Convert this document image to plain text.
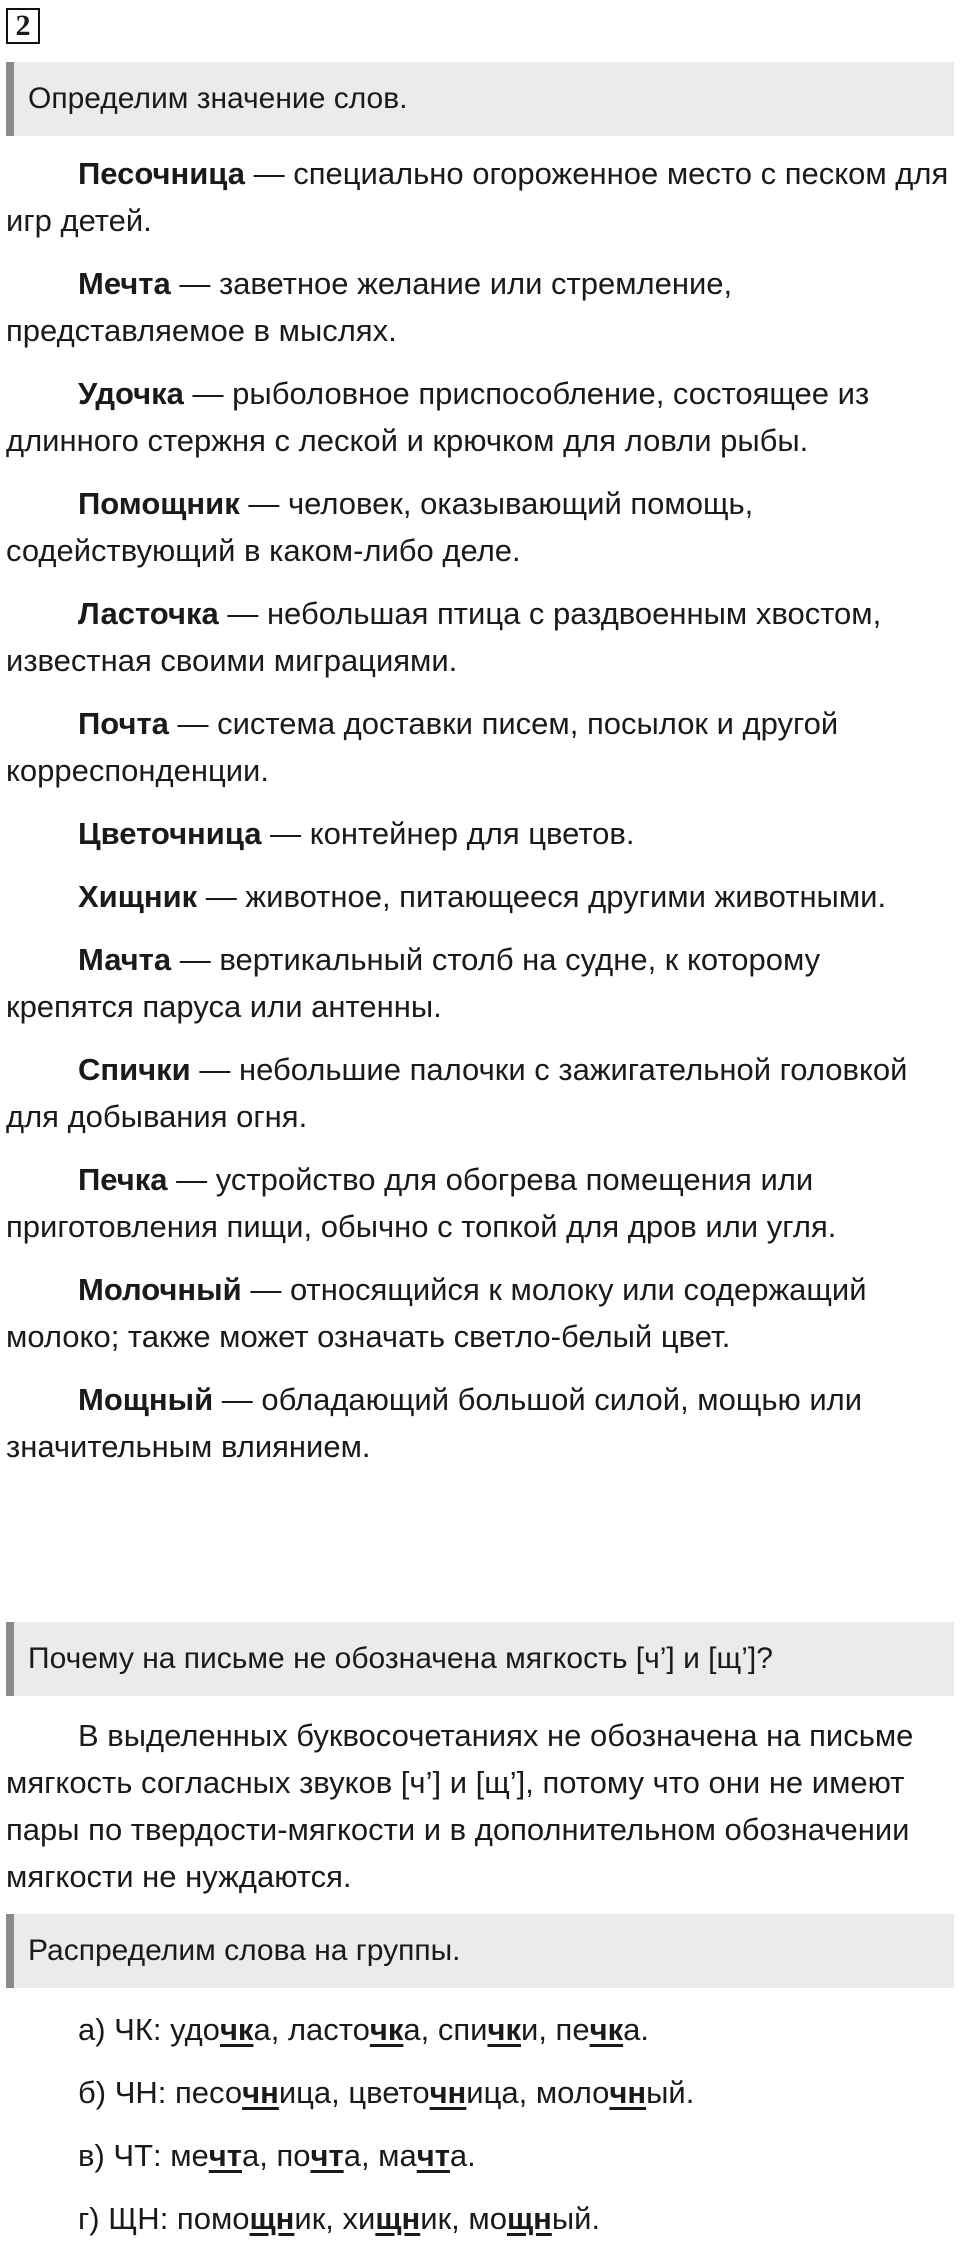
2
Определим значение слов.

Песочница — специально огороженное место с песком для игр детей.

Мечта — заветное желание или стремление, представляемое в мыслях.

Удочка — рыболовное приспособление, состоящее из длинного стержня с леской и крючком для ловли рыбы.

Помощник — человек, оказывающий помощь, содействующий в каком-либо деле.

Ласточка — небольшая птица с раздвоенным хвостом, известная своими миграциями.

Почта — система доставки писем, посылок и другой корреспонденции.

Цветочница — контейнер для цветов.

Хищник — животное, питающееся другими животными.

Мачта — вертикальный столб на судне, к которому крепятся паруса или антенны.

Спички — небольшие палочки с зажигательной головкой для добывания огня.

Печка — устройство для обогрева помещения или приготовления пищи, обычно с топкой для дров или угля.

Молочный — относящийся к молоку или содержащий молоко; также может означать светло-белый цвет.

Мощный — обладающий большой силой, мощью или значительным влиянием.

Почему на письме не обозначена мягкость [ч’] и [щ’]?

В выделенных буквосочетаниях не обозначена на письме мягкость согласных звуков [ч’] и [щ’], потому что они не имеют пары по твердости-мягкости и в дополнительном обозначении мягкости не нуждаются.

Распределим слова на группы.

а) ЧК: удочка, ласточка, спички, печка.

б) ЧН: песочница, цветочница, молочный.

в) ЧТ: мечта, почта, мачта.

г) ЩН: помощник, хищник, мощный.
